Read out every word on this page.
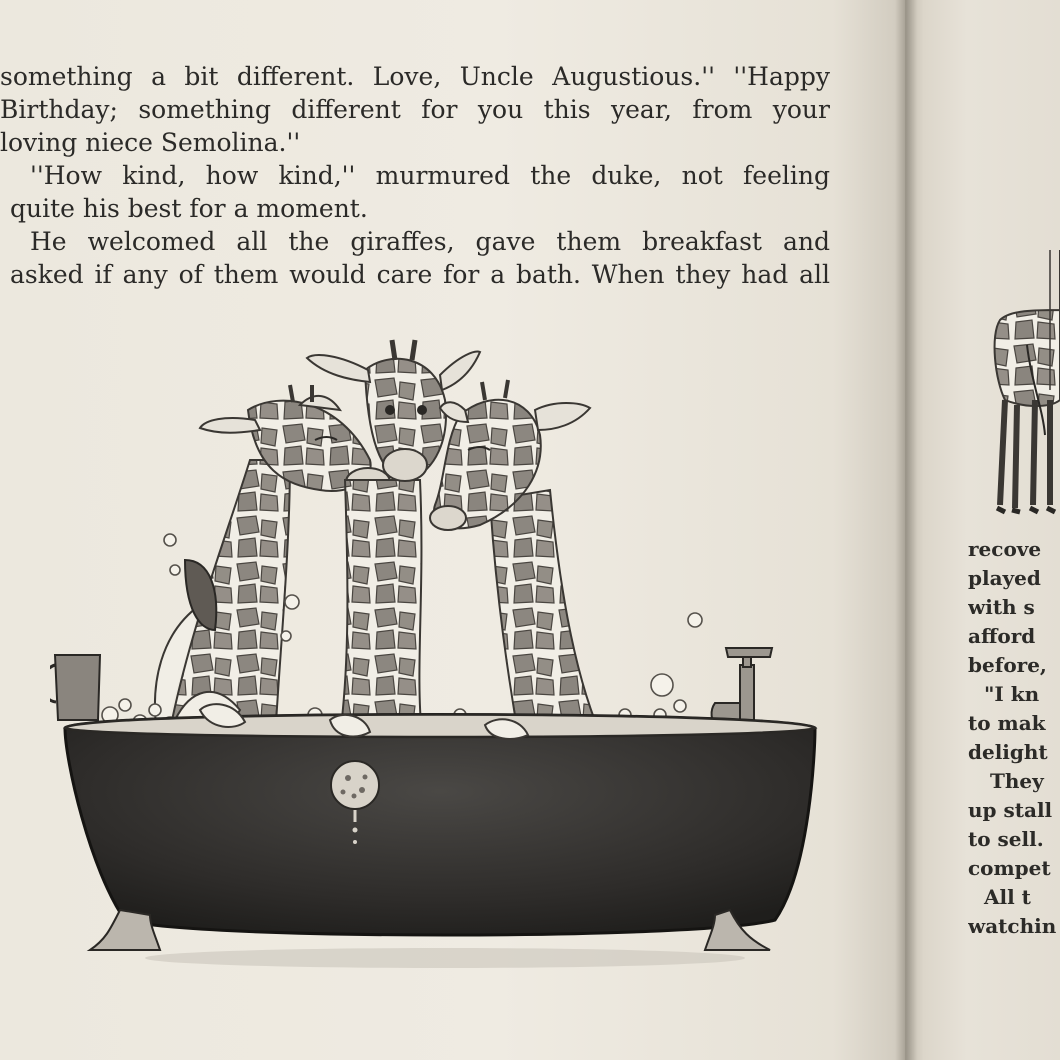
something a bit different. Love, Uncle Augustious.'' ''Happy
Birthday; something different for you this year, from your
loving niece Semolina.''
''How kind, how kind,'' murmured the duke, not feeling
quite his best for a moment.
He welcomed all the giraffes, gave them breakfast and
asked if any of them would care for a bath. When they had all
recove
played
with s
afford
before,
"I kn
to mak
delight
They
up stall
to sell.
compet
All t
watchin
